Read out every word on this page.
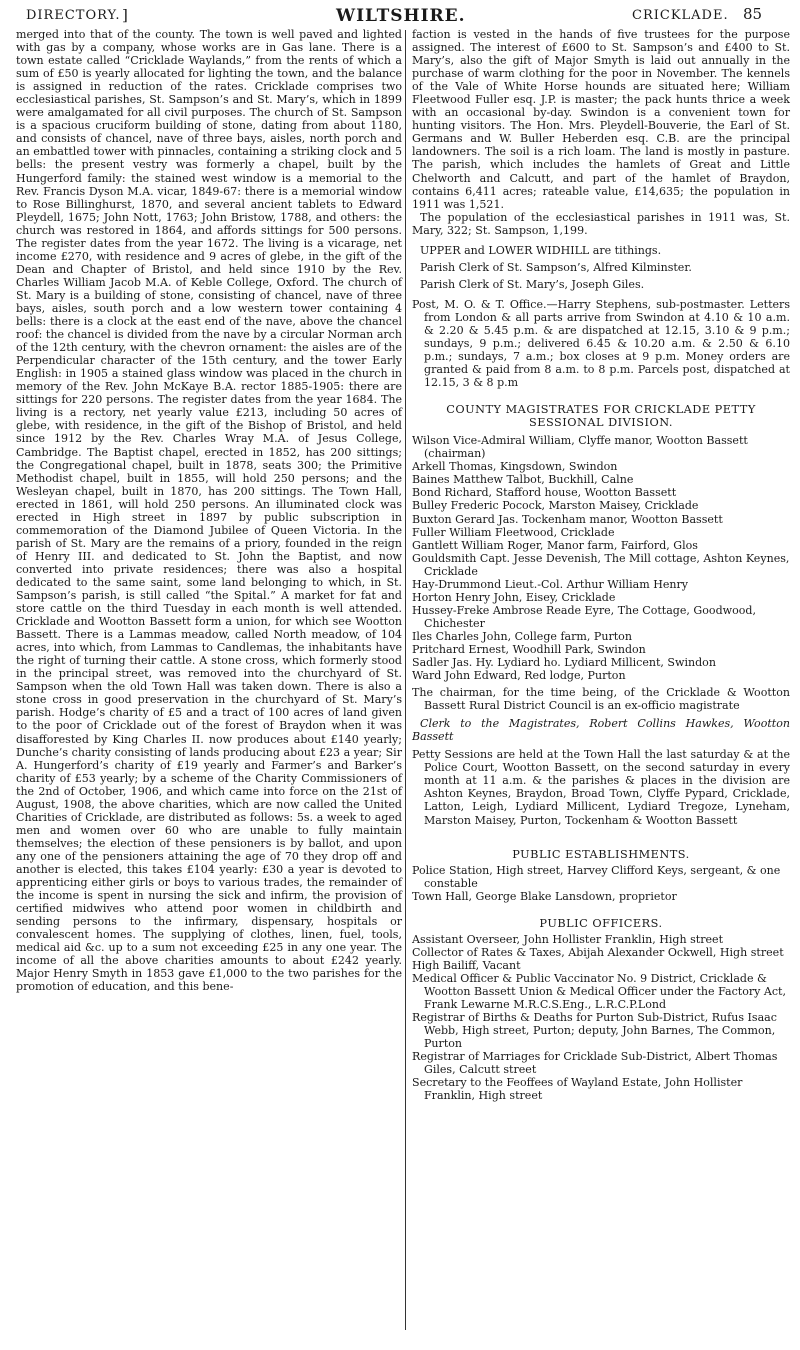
DIRECTORY. ]	WILTSHIRE.	CRICKLADE. 85

merged into that of the county. The town is well paved and lighted with gas by a company, whose works are in Gas lane. There is a town estate called “Cricklade Waylands,” from the rents of which a sum of £50 is yearly allocated for lighting the town, and the balance is assigned in reduction of the rates. Cricklade comprises two ecclesiastical parishes, St. Sampson’s and St. Mary’s, which in 1899 were amalgamated for all civil purposes. The church of St. Sampson is a spacious cruciform building of stone, dating from about 1180, and consists of chancel, nave of three bays, aisles, north porch and an embattled tower with pinnacles, containing a striking clock and 5 bells: the present vestry was formerly a chapel, built by the Hungerford family: the stained west window is a memorial to the Rev. Francis Dyson M.A. vicar, 1849-67: there is a memorial window to Rose Billinghurst, 1870, and several ancient tablets to Edward Pleydell, 1675; John Nott, 1763; John Bristow, 1788, and others: the church was restored in 1864, and affords sittings for 500 persons. The register dates from the year 1672. The living is a vicarage, net income £270, with residence and 9 acres of glebe, in the gift of the Dean and Chapter of Bristol, and held since 1910 by the Rev. Charles William Jacob M.A. of Keble College, Oxford. The church of St. Mary is a building of stone, consisting of chancel, nave of three bays, aisles, south porch and a low western tower containing 4 bells: there is a clock at the east end of the nave, above the chancel roof: the chancel is divided from the nave by a circular Norman arch of the 12th century, with the chevron ornament: the aisles are of the Perpendicular character of the 15th century, and the tower Early English: in 1905 a stained glass window was placed in the church in memory of the Rev. John McKaye B.A. rector 1885-1905: there are sittings for 220 persons. The register dates from the year 1684. The living is a rectory, net yearly value £213, including 50 acres of glebe, with residence, in the gift of the Bishop of Bristol, and held since 1912 by the Rev. Charles Wray M.A. of Jesus College, Cambridge. The Baptist chapel, erected in 1852, has 200 sittings; the Congregational chapel, built in 1878, seats 300; the Primitive Methodist chapel, built in 1855, will hold 250 persons; and the Wesleyan chapel, built in 1870, has 200 sittings. The Town Hall, erected in 1861, will hold 250 persons. An illuminated clock was erected in High street in 1897 by public subscription in commemoration of the Diamond Jubilee of Queen Victoria. In the parish of St. Mary are the remains of a priory, founded in the reign of Henry III. and dedicated to St. John the Baptist, and now converted into private residences; there was also a hospital dedicated to the same saint, some land belonging to which, in St. Sampson’s parish, is still called “the Spital.” A market for fat and store cattle on the third Tuesday in each month is well attended. Cricklade and Wootton Bassett form a union, for which see Wootton Bassett. There is a Lammas meadow, called North meadow, of 104 acres, into which, from Lammas to Candlemas, the inhabitants have the right of turning their cattle. A stone cross, which formerly stood in the principal street, was removed into the churchyard of St. Sampson when the old Town Hall was taken down. There is also a stone cross in good preservation in the churchyard of St. Mary’s parish. Hodge’s charity of £5 and a tract of 100 acres of land given to the poor of Cricklade out of the forest of Braydon when it was disafforested by King Charles II. now produces about £140 yearly; Dunche’s charity consisting of lands producing about £23 a year; Sir A. Hungerford’s charity of £19 yearly and Farmer’s and Barker’s charity of £53 yearly; by a scheme of the Charity Commissioners of the 2nd of October, 1906, and which came into force on the 21st of August, 1908, the above charities, which are now called the United Charities of Cricklade, are distributed as follows: 5s. a week to aged men and women over 60 who are unable to fully maintain themselves; the election of these pensioners is by ballot, and upon any one of the pensioners attaining the age of 70 they drop off and another is elected, this takes £104 yearly: £30 a year is devoted to apprenticing either girls or boys to various trades, the remainder of the income is spent in nursing the sick and infirm, the provision of certified midwives who attend poor women in childbirth and sending persons to the infirmary, dispensary, hospitals or convalescent homes. The supplying of clothes, linen, fuel, tools, medical aid &c. up to a sum not exceeding £25 in any one year. The income of all the above charities amounts to about £242 yearly. Major Henry Smyth in 1853 gave £1,000 to the two parishes for the promotion of education, and this bene-

faction is vested in the hands of five trustees for the purpose assigned. The interest of £600 to St. Sampson’s and £400 to St. Mary’s, also the gift of Major Smyth is laid out annually in the purchase of warm clothing for the poor in November. The kennels of the Vale of White Horse hounds are situated here; William Fleetwood Fuller esq. J.P. is master; the pack hunts thrice a week with an occasional by-day. Swindon is a convenient town for hunting visitors. The Hon. Mrs. Pleydell-Bouverie, the Earl of St. Germans and W. Buller Heberden esq. C.B. are the principal landowners. The soil is a rich loam. The land is mostly in pasture. The parish, which includes the hamlets of Great and Little Chelworth and Calcutt, and part of the hamlet of Braydon, contains 6,411 acres; rateable value, £14,635; the population in 1911 was 1,521.

The population of the ecclesiastical parishes in 1911 was, St. Mary, 322; St. Sampson, 1,199.

UPPER and LOWER WIDHILL are tithings.

Parish Clerk of St. Sampson’s, Alfred Kilminster.

Parish Clerk of St. Mary’s, Joseph Giles.

Post, M. O. & T. Office.—Harry Stephens, sub-postmaster. Letters from London & all parts arrive from Swindon at 4.10 & 10 a.m. & 2.20 & 5.45 p.m. & are dispatched at 12.15, 3.10 & 9 p.m.; sundays, 9 p.m.; delivered 6.45 & 10.20 a.m. & 2.50 & 6.10 p.m.; sundays, 7 a.m.; box closes at 9 p.m. Money orders are granted & paid from 8 a.m. to 8 p.m. Parcels post, dispatched at 12.15, 3 & 8 p.m

COUNTY MAGISTRATES FOR CRICKLADE PETTY SESSIONAL DIVISION.

Wilson Vice-Admiral William, Clyffe manor, Wootton Bassett (chairman)

Arkell Thomas, Kingsdown, Swindon

Baines Matthew Talbot, Buckhill, Calne

Bond Richard, Stafford house, Wootton Bassett

Bulley Frederic Pocock, Marston Maisey, Cricklade

Buxton Gerard Jas. Tockenham manor, Wootton Bassett

Fuller William Fleetwood, Cricklade

Gantlett William Roger, Manor farm, Fairford, Glos

Gouldsmith Capt. Jesse Devenish, The Mill cottage, Ashton Keynes, Cricklade

Hay-Drummond Lieut.-Col. Arthur William Henry

Horton Henry John, Eisey, Cricklade

Hussey-Freke Ambrose Reade Eyre, The Cottage, Goodwood, Chichester

Iles Charles John, College farm, Purton

Pritchard Ernest, Woodhill Park, Swindon

Sadler Jas. Hy. Lydiard ho. Lydiard Millicent, Swindon

Ward John Edward, Red lodge, Purton

The chairman, for the time being, of the Cricklade & Wootton Bassett Rural District Council is an ex-officio magistrate

Clerk to the Magistrates, Robert Collins Hawkes, Wootton Bassett

Petty Sessions are held at the Town Hall the last saturday & at the Police Court, Wootton Bassett, on the second saturday in every month at 11 a.m. & the parishes & places in the division are Ashton Keynes, Braydon, Broad Town, Clyffe Pypard, Cricklade, Latton, Leigh, Lydiard Millicent, Lydiard Tregoze, Lyneham, Marston Maisey, Purton, Tockenham & Wootton Bassett

PUBLIC ESTABLISHMENTS.

Police Station, High street, Harvey Clifford Keys, sergeant, & one constable

Town Hall, George Blake Lansdown, proprietor

PUBLIC OFFICERS.

Assistant Overseer, John Hollister Franklin, High street

Collector of Rates & Taxes, Abijah Alexander Ockwell, High street

High Bailiff, Vacant

Medical Officer & Public Vaccinator No. 9 District, Cricklade & Wootton Bassett Union & Medical Officer under the Factory Act, Frank Lewarne M.R.C.S.Eng., L.R.C.P.Lond

Registrar of Births & Deaths for Purton Sub-District, Rufus Isaac Webb, High street, Purton; deputy, John Barnes, The Common, Purton

Registrar of Marriages for Cricklade Sub-District, Albert Thomas Giles, Calcutt street

Secretary to the Feoffees of Wayland Estate, John Hollister Franklin, High street
